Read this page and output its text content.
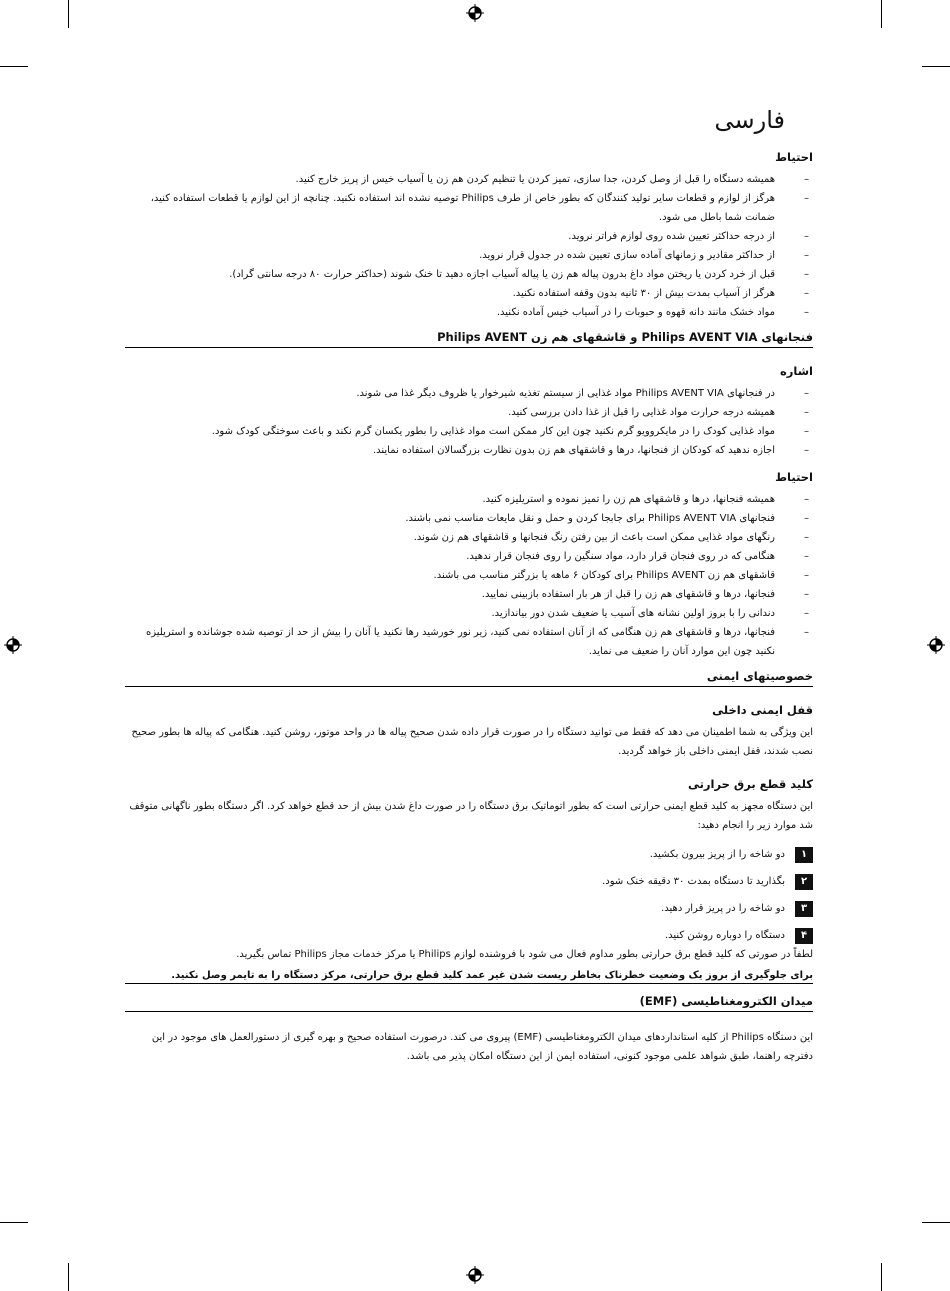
فارسی
احتیاط
–
همیشه دستگاه را قبل از وصل کردن، جدا سازی، تمیز کردن یا تنظیم کردن هم زن یا آسیاب خیس از پریز خارج کنید.
–
هرگز از لوازم و قطعات سایر تولید کنندگان که بطور خاص از طرف Philips توصیه نشده اند استفاده نکنید. چنانچه از این لوازم یا قطعات استفاده کنید، ضمانت شما باطل می شود.
–
از درجه حداکثر تعیین شده روی لوازم فراتر نروید.
–
از حداکثر مقادیر و زمانهای آماده سازی تعیین شده در جدول قرار نروید.
–
قبل از خرد کردن یا ریختن مواد داغ بدرون پیاله هم زن یا پیاله آسیاب اجازه دهید تا خنک شوند (حداکثر حرارت ۸۰ درجه سانتی گراد).
–
هرگز از آسیاب بمدت بیش از ۳۰ ثانیه بدون وقفه استفاده نکنید.
–
مواد خشک مانند دانه قهوه و حبوبات را در آسیاب خیس آماده نکنید.
فنجانهای Philips AVENT VIA و قاشقهای هم زن Philips AVENT
اشاره
–
در فنجانهای Philips AVENT VIA مواد غذایی از سیستم تغذیه شیرخوار یا ظروف دیگر غذا می شوند.
–
همیشه درجه حرارت مواد غذایی را قبل از غذا دادن بررسی کنید.
–
مواد غذایی کودک را در مایکروویو گرم نکنید چون این کار ممکن است مواد غذایی را بطور یکسان گرم نکند و باعث سوختگی کودک شود.
–
اجازه ندهید که کودکان از فنجانها، درها و قاشقهای هم زن بدون نظارت بزرگسالان استفاده نمایند.
احتیاط
–
همیشه فنجانها، درها و قاشقهای هم زن را تمیز نموده و استریلیزه کنید.
–
فنجانهای Philips AVENT VIA برای جابجا کردن و حمل و نقل مایعات مناسب نمی باشند.
–
رنگهای مواد غذایی ممکن است باعث از بین رفتن رنگ فنجانها و قاشقهای هم زن شوند.
–
هنگامی که در روی فنجان قرار دارد، مواد سنگین را روی فنجان قرار ندهید.
–
قاشقهای هم زن Philips AVENT برای کودکان ۶ ماهه یا بزرگتر مناسب می باشند.
–
فنجانها، درها و قاشقهای هم زن را قبل از هر بار استفاده بازبینی نمایید.
–
دندانی را با بروز اولین نشانه های آسیب یا ضعیف شدن دور بیاندازید.
–
فنجانها، درها و قاشقهای هم زن هنگامی که از آنان استفاده نمی کنید، زیر نور خورشید رها نکنید یا آنان را بیش از حد از توصیه شده جوشانده و استریلیزه نکنید چون این موارد آنان را ضعیف می نماید.
خصوصیتهای ایمنی
قفل ایمنی داخلی

این ویژگی به شما اطمینان می دهد که فقط می توانید دستگاه را در صورت قرار داده شدن صحیح پیاله ها در واحد موتور، روشن کنید. هنگامی که پیاله ها بطور صحیح نصب شدند، قفل ایمنی داخلی باز خواهد گردید.

کلید قطع برق حرارتی

این دستگاه مجهز به کلید قطع ایمنی حرارتی است که بطور اتوماتیک برق دستگاه را در صورت داغ شدن بیش از حد قطع خواهد کرد. اگر دستگاه بطور ناگهانی متوقف شد موارد زیر را انجام دهید:

۱
دو شاخه را از پریز بیرون بکشید.
۲
بگذارید تا دستگاه بمدت ۳۰ دقیقه خنک شود.
۳
دو شاخه را در پریز قرار دهید.
۴
دستگاه را دوباره روشن کنید.

لطفاً در صورتی که کلید قطع برق حرارتی بطور مداوم فعال می شود با فروشنده لوازم Philips یا مرکز خدمات مجاز Philips تماس بگیرید.

برای جلوگیری از بروز یک وضعیت خطرناک بخاطر ریست شدن غیر عمد کلید قطع برق حرارتی، مرکز دستگاه را به تایمر وصل نکنید.
میدان الکترومغناطیسی (EMF)

این دستگاه Philips از کلیه استانداردهای میدان الکترومغناطیسی (EMF) پیروی می کند. درصورت استفاده صحیح و بهره گیری از دستورالعمل های موجود در این دفترچه راهنما، طبق شواهد علمی موجود کنونی، استفاده ایمن از این دستگاه امکان پذیر می باشد.
